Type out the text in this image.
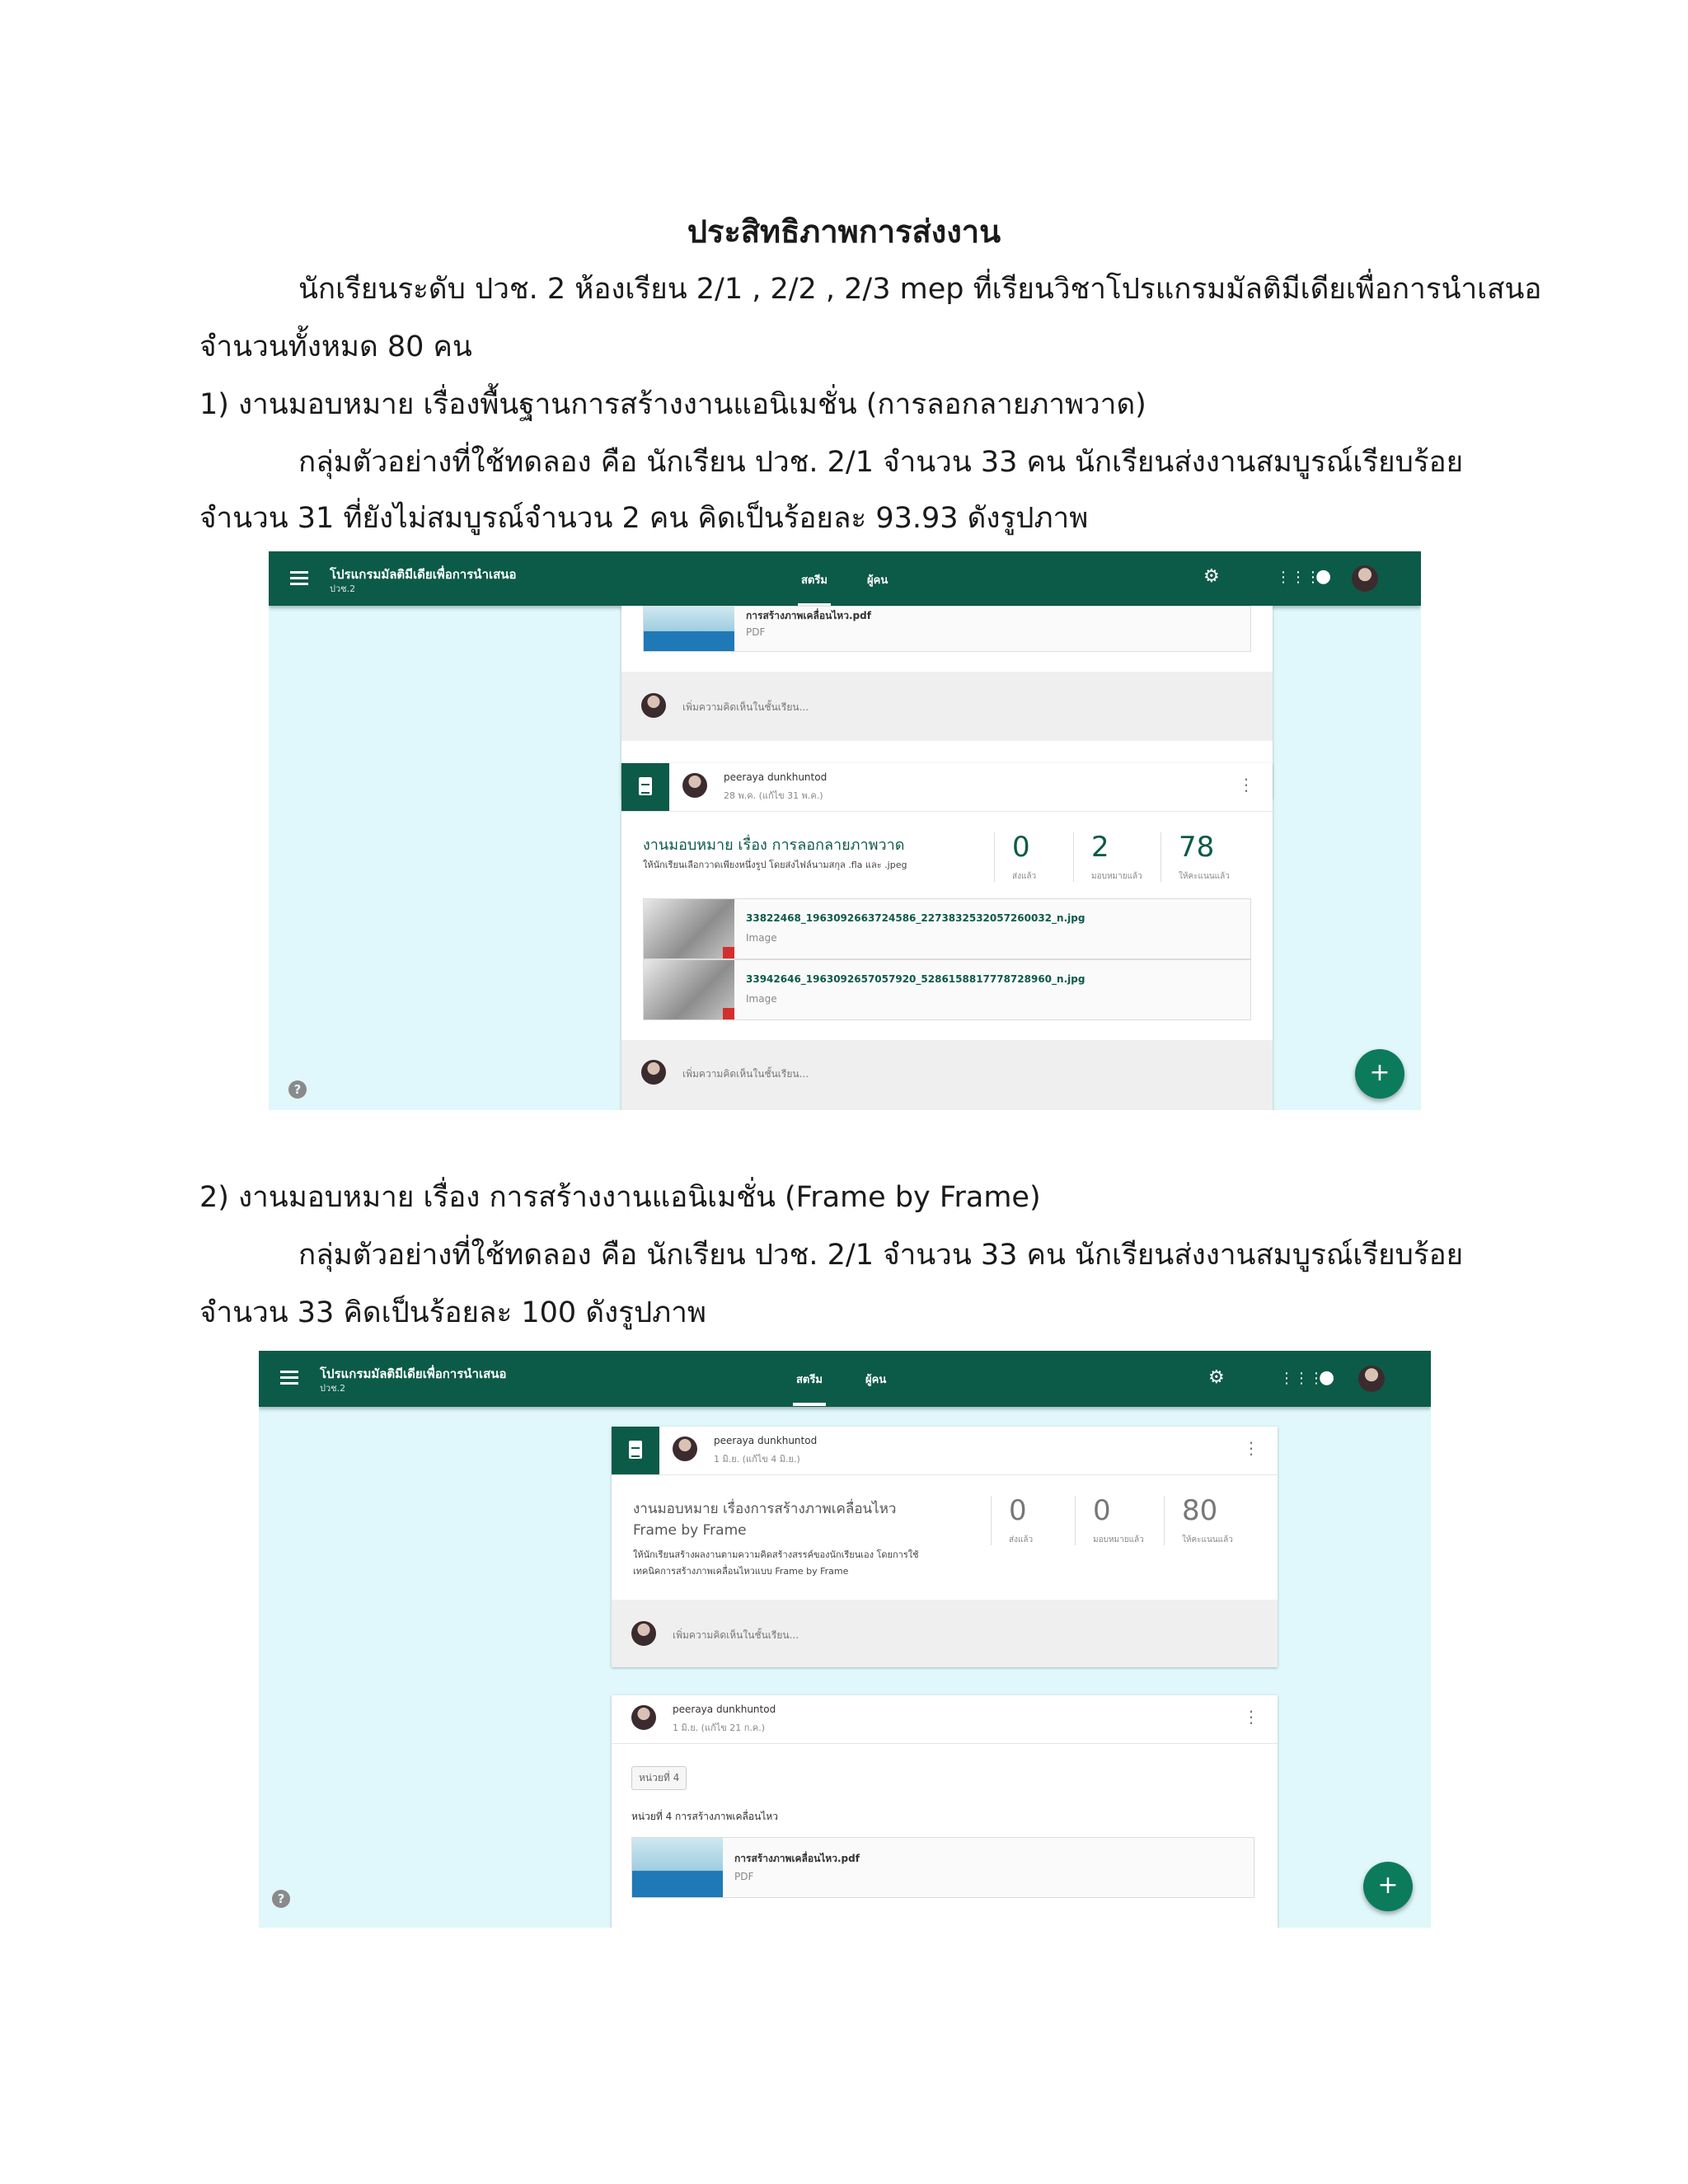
ประสิทธิภาพการส่งงาน
นักเรียนระดับ ปวช. 2 ห้องเรียน 2/1 , 2/2 , 2/3 mep ที่เรียนวิชาโปรแกรมมัลติมีเดียเพื่อการนำเสนอ
จำนวนทั้งหมด 80 คน
1) งานมอบหมาย เรื่องพื้นฐานการสร้างงานแอนิเมชั่น (การลอกลายภาพวาด)
กลุ่มตัวอย่างที่ใช้ทดลอง คือ นักเรียน ปวช. 2/1 จำนวน 33 คน นักเรียนส่งงานสมบูรณ์เรียบร้อย
จำนวน 31 ที่ยังไม่สมบูรณ์จำนวน 2 คน คิดเป็นร้อยละ 93.93 ดังรูปภาพ
โปรแกรมมัลติมีเดียเพื่อการนำเสนอ
ปวช.2
สตรีม	ผู้คน	⚙	⋮⋮⋮
●
การสร้างภาพเคลื่อนไหว.pdf
PDF
เพิ่มความคิดเห็นในชั้นเรียน...
peeraya dunkhuntod
28 พ.ค. (แก้ไข 31 พ.ค.)
⋮
งานมอบหมาย เรื่อง การลอกลายภาพวาด
ให้นักเรียนเลือกวาดเพียงหนึ่งรูป โดยส่งไฟล์นามสกุล .fla และ .jpeg
0
ส่งแล้ว
2
มอบหมายแล้ว
78
ให้คะแนนแล้ว
33822468_1963092663724586_2273832532057260032_n.jpg
Image
33942646_1963092657057920_5286158817778728960_n.jpg
Image
เพิ่มความคิดเห็นในชั้นเรียน...
?
+
2) งานมอบหมาย เรื่อง การสร้างงานแอนิเมชั่น (Frame by Frame)
กลุ่มตัวอย่างที่ใช้ทดลอง คือ นักเรียน ปวช. 2/1 จำนวน 33 คน นักเรียนส่งงานสมบูรณ์เรียบร้อย
จำนวน 33 คิดเป็นร้อยละ 100 ดังรูปภาพ
โปรแกรมมัลติมีเดียเพื่อการนำเสนอ
ปวช.2
สตรีม	ผู้คน	⚙	⋮⋮⋮
●
peeraya dunkhuntod
1 มิ.ย. (แก้ไข 4 มิ.ย.)
⋮
งานมอบหมาย เรื่องการสร้างภาพเคลื่อนไหว
Frame by Frame
ให้นักเรียนสร้างผลงานตามความคิดสร้างสรรค์ของนักเรียนเอง โดยการใช้
เทคนิคการสร้างภาพเคลื่อนไหวแบบ Frame by Frame
0
ส่งแล้ว
0
มอบหมายแล้ว
80
ให้คะแนนแล้ว
เพิ่มความคิดเห็นในชั้นเรียน...
peeraya dunkhuntod
1 มิ.ย. (แก้ไข 21 ก.ค.)
⋮
หน่วยที่ 4
หน่วยที่ 4 การสร้างภาพเคลื่อนไหว
การสร้างภาพเคลื่อนไหว.pdf
PDF
?	+
